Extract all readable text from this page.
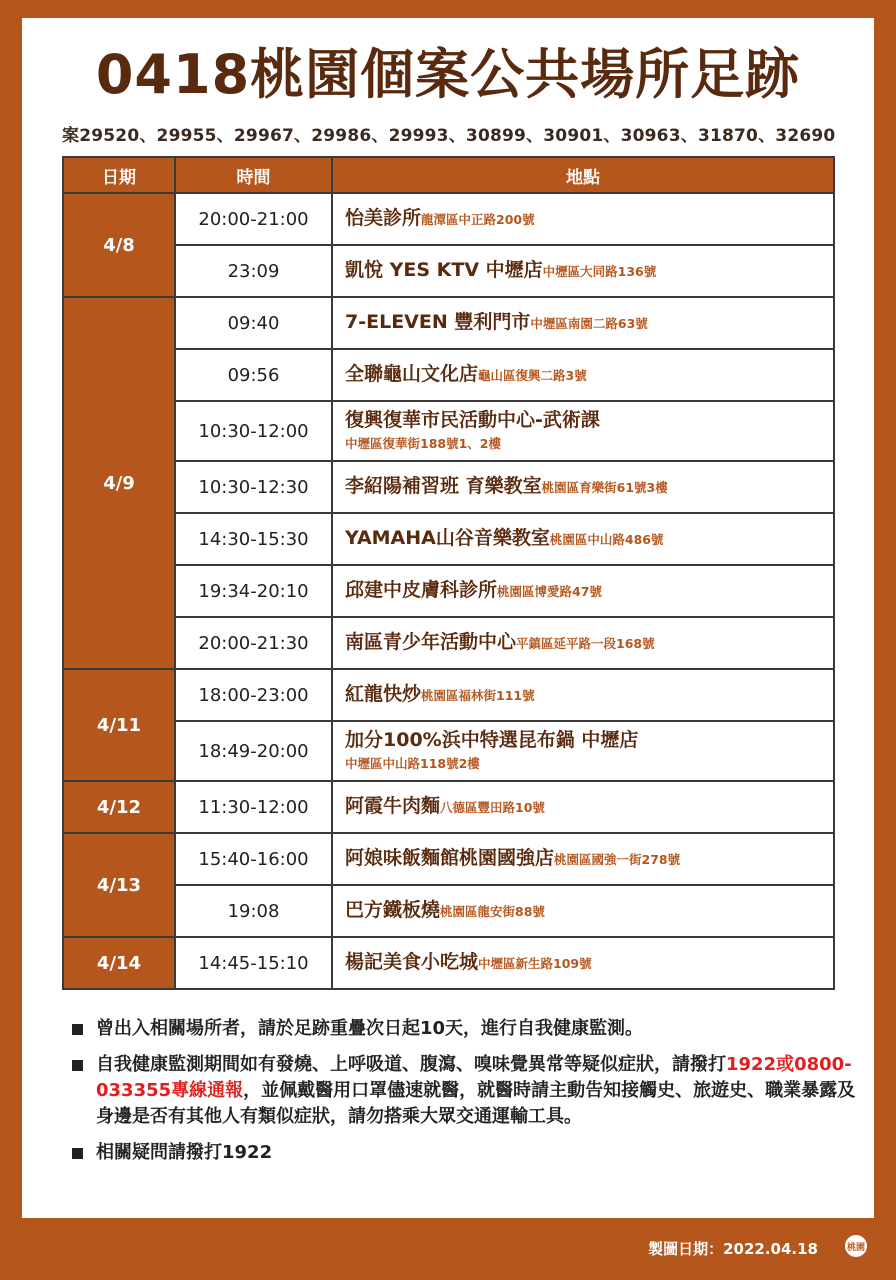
0418桃園個案公共場所足跡
案29520、29955、29967、29986、29993、30899、30901、30963、31870、32690
日期	時間	地點
4/8	20:00-21:00	怡美診所龍潭區中正路200號
	23:09	凱悅 YES KTV 中壢店中壢區大同路136號
4/9	09:40	7-ELEVEN 豐利門市中壢區南園二路63號
	09:56	全聯龜山文化店龜山區復興二路3號
	10:30-12:00	復興復華市民活動中心-武術課
中壢區復華街188號1、2樓
	10:30-12:30	李紹陽補習班 育樂教室桃園區育樂街61號3樓
	14:30-15:30	YAMAHA山谷音樂教室桃園區中山路486號
	19:34-20:10	邱建中皮膚科診所桃園區博愛路47號
	20:00-21:30	南區青少年活動中心平鎮區延平路一段168號
4/11	18:00-23:00	紅龍快炒桃園區福林街111號
	18:49-20:00	加分100%浜中特選昆布鍋 中壢店
中壢區中山路118號2樓
4/12	11:30-12:00	阿霞牛肉麵八德區豐田路10號
4/13	15:40-16:00	阿娘味飯麵館桃園國強店桃園區國強一街278號
	19:08	巴方鐵板燒桃園區龍安街88號
4/14	14:45-15:10	楊記美食小吃城中壢區新生路109號
曾出入相關場所者，請於足跡重疊次日起10天，進行自我健康監測。
自我健康監測期間如有發燒、上呼吸道、腹瀉、嗅味覺異常等疑似症狀，請撥打1922或0800-033355專線通報，並佩戴醫用口罩儘速就醫，就醫時請主動告知接觸史、旅遊史、職業暴露及身邊是否有其他人有類似症狀，請勿搭乘大眾交通運輸工具。
相關疑問請撥打1922
製圖日期：2022.04.18	桃園
